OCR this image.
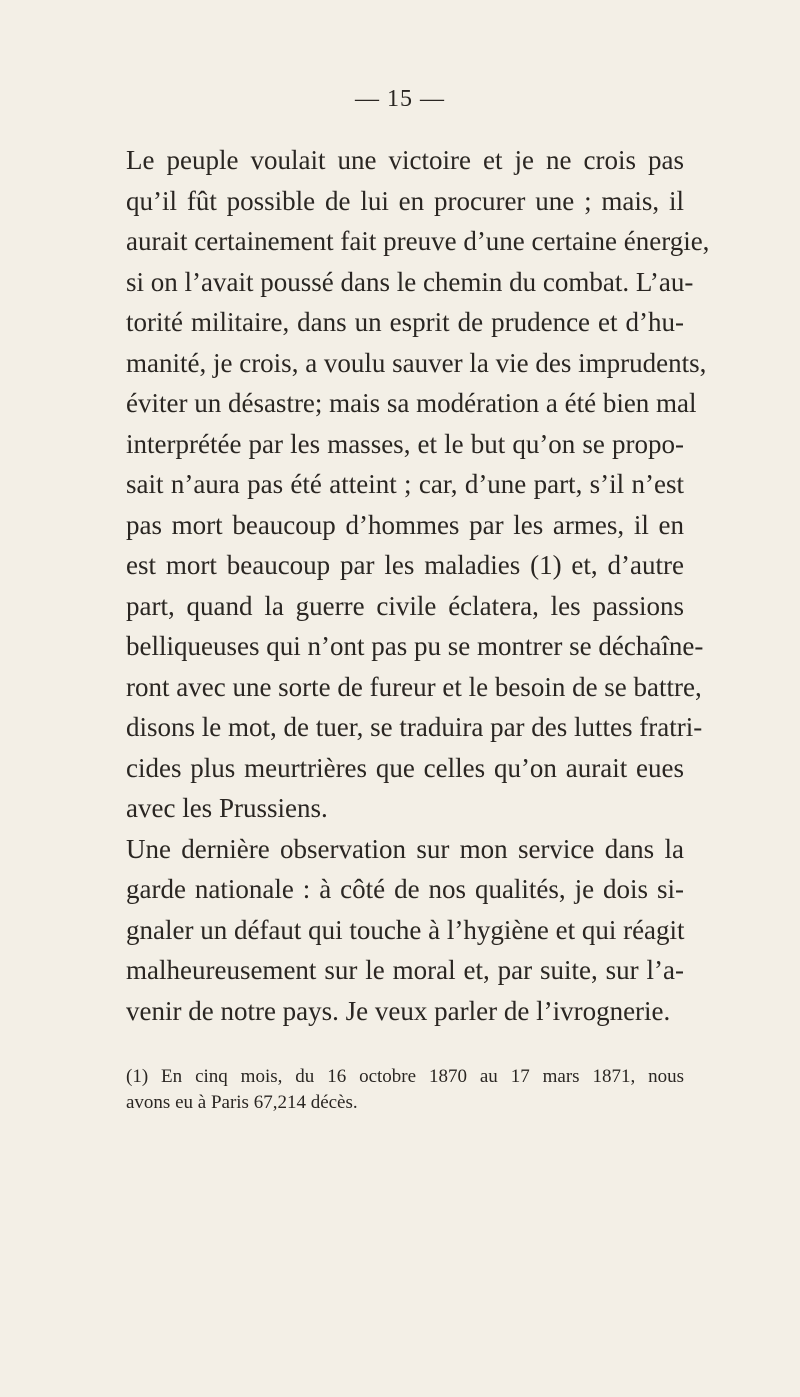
— 15 —
Le peuple voulait une victoire et je ne crois pas
qu’il fût possible de lui en procurer une ; mais, il
aurait certainement fait preuve d’une certaine énergie,
si on l’avait poussé dans le chemin du combat. L’au-
torité militaire, dans un esprit de prudence et d’hu-
manité, je crois, a voulu sauver la vie des imprudents,
éviter un désastre; mais sa modération a été bien mal
interprétée par les masses, et le but qu’on se propo-
sait n’aura pas été atteint ; car, d’une part, s’il n’est
pas mort beaucoup d’hommes par les armes, il en
est mort beaucoup par les maladies (1) et, d’autre
part, quand la guerre civile éclatera, les passions
belliqueuses qui n’ont pas pu se montrer se déchaîne-
ront avec une sorte de fureur et le besoin de se battre,
disons le mot, de tuer, se traduira par des luttes fratri-
cides plus meurtrières que celles qu’on aurait eues
avec les Prussiens.
Une dernière observation sur mon service dans la
garde nationale : à côté de nos qualités, je dois si-
gnaler un défaut qui touche à l’hygiène et qui réagit
malheureusement sur le moral et, par suite, sur l’a-
venir de notre pays. Je veux parler de l’ivrognerie.
(1) En cinq mois, du 16 octobre 1870 au 17 mars 1871, nous
avons eu à Paris 67,214 décès.
